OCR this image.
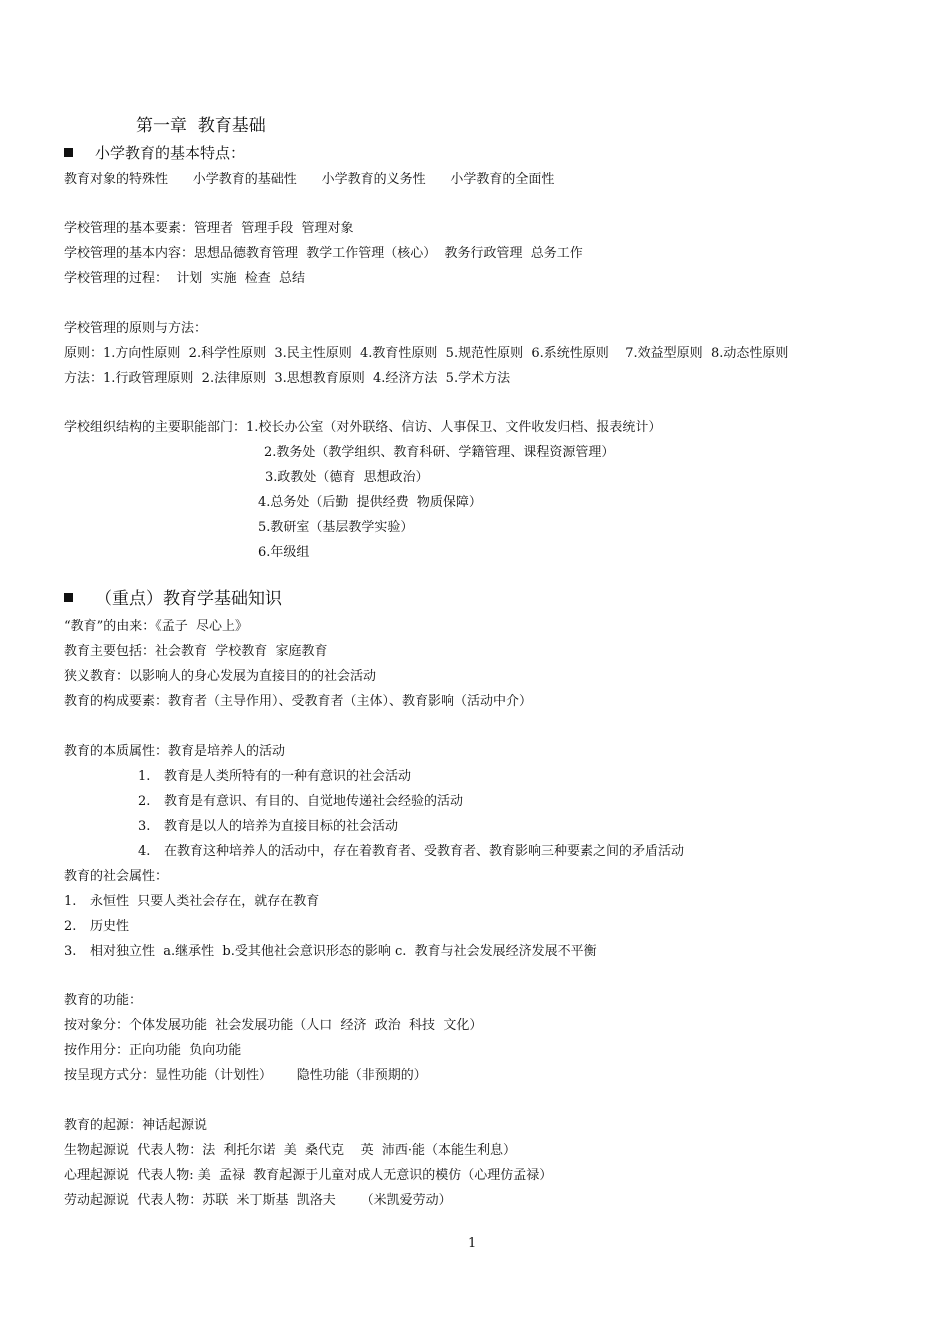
第一章  教育基础
小学教育的基本特点：
教育对象的特殊性      小学教育的基础性      小学教育的义务性      小学教育的全面性
学校管理的基本要素：管理者  管理手段  管理对象
学校管理的基本内容：思想品德教育管理  教学工作管理（核心）  教务行政管理  总务工作
学校管理的过程：  计划  实施  检查  总结
学校管理的原则与方法：
原则：1.方向性原则  2.科学性原则  3.民主性原则  4.教育性原则  5.规范性原则  6.系统性原则    7.效益型原则  8.动态性原则
方法：1.行政管理原则  2.法律原则  3.思想教育原则  4.经济方法  5.学术方法
学校组织结构的主要职能部门：1.校长办公室（对外联络、信访、人事保卫、文件收发归档、报表统计）
2.教务处（教学组织、教育科研、学籍管理、课程资源管理）
3.政教处（德育  思想政治）
4.总务处（后勤  提供经费  物质保障）
5.教研室（基层教学实验）
6.年级组
（重点）教育学基础知识
“教育”的由来：《孟子  尽心上》
教育主要包括：社会教育  学校教育  家庭教育
狭义教育：以影响人的身心发展为直接目的的社会活动
教育的构成要素：教育者（主导作用）、受教育者（主体）、教育影响（活动中介）
教育的本质属性：教育是培养人的活动
1. 教育是人类所特有的一种有意识的社会活动
2. 教育是有意识、有目的、自觉地传递社会经验的活动
3. 教育是以人的培养为直接目标的社会活动
4. 在教育这种培养人的活动中，存在着教育者、受教育者、教育影响三种要素之间的矛盾活动
教育的社会属性：
1. 永恒性  只要人类社会存在，就存在教育
2. 历史性
3. 相对独立性  a.继承性  b.受其他社会意识形态的影响 c.  教育与社会发展经济发展不平衡
教育的功能：
按对象分：个体发展功能  社会发展功能（人口  经济  政治  科技  文化）
按作用分：正向功能  负向功能
按呈现方式分：显性功能（计划性）      隐性功能（非预期的）
教育的起源：神话起源说
生物起源说  代表人物：法  利托尔诺  美  桑代克    英  沛西·能（本能生利息）
心理起源说  代表人物: 美  孟禄  教育起源于儿童对成人无意识的模仿（心理仿孟禄）
劳动起源说  代表人物：苏联  米丁斯基  凯洛夫      （米凯爱劳动）
1
